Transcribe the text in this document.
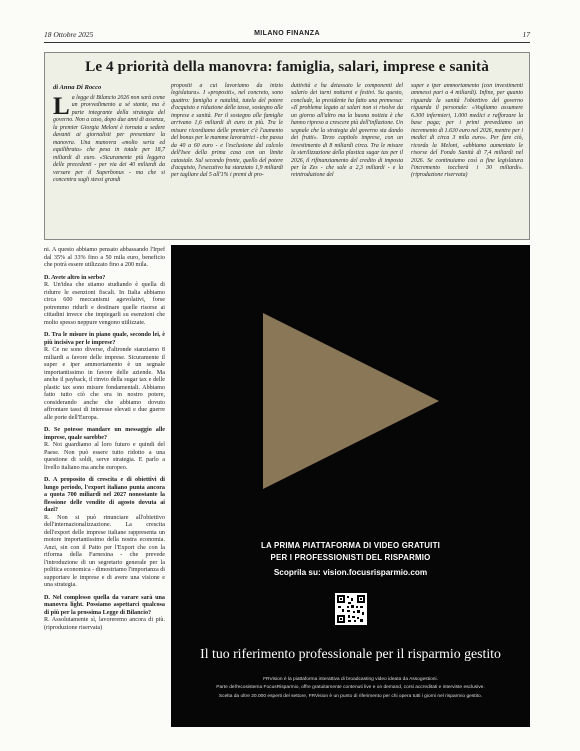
18 Ottobre 2025	MILANO FINANZA	17
Le 4 priorità della manovra: famiglia, salari, imprese e sanità
di Anna Di Rocco
La legge di Bilancio 2026 non sarà come un provvedimento a sé stante, ma è parte integrante della strategia del governo. Non a caso, dopo due anni di assenza, la premier Giorgia Meloni è tornata a sedere davanti ai giornalisti per presentare la manovra. Una manovra «molto seria ed equilibrata» che pesa in totale per 18,7 miliardi di euro. «Sicuramente più leggera delle precedenti - per via dei 40 miliardi da versare per il Superbonus - ma che si concentra sugli stessi grandi
propositi a cui lavoriamo da inizio legislatura». I «propositi», nel concreto, sono quattro: famiglia e natalità, tutela del potere d'acquisto e riduzione delle tasse, sostegno alle imprese e sanità. Per il sostegno alle famiglie arrivano 1,6 miliardi di euro in più. Tra le misure ricordiamo delle premier c'è l'aumento del bonus per le mamme lavoratrici - che passa da 40 a 60 euro - e l'esclusione dal calcolo dell'Isee della prima casa con un limite catastale. Sul secondo fronte, quello del potere d'acquisto, l'esecutivo ha stanziato 1,9 miliardi per tagliare dal 5 all'1% i premi di pro-
duttività e ha detassato le componenti del salario dei turni notturni e festivi. Su questo, conclude, la presidente ha fatto una premessa: «Il problema legato ai salari non si risolve da un giorno all'altro ma la buona notizia è che hanno ripreso a crescere più dell'inflazione. Un segnale che la strategia del governo sta dando dei frutti». Terzo capitolo imprese, con un investimento di 8 miliardi circa. Tra le misure la sterilizzazione della plastica sugar tax per il 2026, il rifinanziamento del credito di imposta per la Zes - che sale a 2,3 miliardi - e la reintroduzione del
super e iper ammortamento (con investimenti ammessi pari a 4 miliardi). Infine, per quanto riguarda la sanità l'obiettivo del governo riguarda il personale: «Vogliamo assumere 6.300 infermieri, 1.000 medici e rafforzare la base paga; per i primi prevediamo un incremento di 1.630 euro nel 2026, mentre per i medici di circa 3 mila euro». Per fare ciò, ricorda la Meloni, «abbiamo aumentato le risorse del Fondo Sanità di 7,4 miliardi nel 2026. Se continuiamo così a fine legislatura l'incremento toccherà i 30 miliardi». (riproduzione riservata)

ni. A questo abbiamo pensato abbassando l'Irpef dal 35% al 33% fino a 50 mila euro, beneficio che potrà essere utilizzato fino a 200 mila.

D. Avete altro in serbo?

R. Un'idea che stiamo studiando è quella di ridurre le esenzioni fiscali. In Italia abbiamo circa 600 meccanismi agevolativi, forse potremmo ridurli e destinare quelle risorse ai cittadini invece che impiegarli su esenzioni che molto spesso neppure vengono utilizzate.

D. Tra le misure in piano quale, secondo lei, è più incisiva per le imprese?

R. Ce ne sono diverse, d'altronde stanziamo 8 miliardi a favore delle imprese. Sicuramente il super e iper ammortamento è un segnale importantissimo in favore delle aziende. Ma anche il payback, il rinvio della sugar tax e delle plastic tax sono misure fondamentali. Abbiamo fatto tutto ciò che era in nostro potere, considerando anche che abbiamo dovuto affrontare tassi di interesse elevati e due guerre alle porte dell'Europa.

D. Se potesse mandare un messaggio alle imprese, quale sarebbe?

R. Noi guardiamo al loro futuro e quindi del Paese. Non può essere tutto ridotto a una questione di soldi, serve strategia. E parlo a livello italiano ma anche europeo.

D. A proposito di crescita e di obiettivi di lungo periodo, l'export italiano punta ancora a quota 700 miliardi nel 2027 nonostante la flessione delle vendite di agosto dovuta ai dazi?

R. Non si può rinunciare all'obiettivo dell'internazionalizzazione. La crescita dell'export delle imprese italiane rappresenta un motore importantissimo della nostra economia. Anzi, sin con il Patto per l'Export che con la riforma della Farnesina - che prevede l'introduzione di un segretario generale per la politica economica - dimostriamo l'importanza di supportare le imprese e di avere una visione e una strategia.

D. Nel complesso quella da varare sarà una manovra light. Possiamo aspettarci qualcosa di più per la prossima Legge di Bilancio?

R. Assolutamente sì, lavoreremo ancora di più. (riproduzione riservata)

LA PRIMA PIATTAFORMA DI VIDEO GRATUITI
PER I PROFESSIONISTI DEL RISPARMIO
Scoprila su: vision.focusrisparmio.com
Il tuo riferimento professionale per il risparmio gestito
FRVision è la piattaforma interattiva di broadcasting video ideata da Assogestioni.
Parte dell'ecosistema FocusRisparmio, offre gratuitamente contenuti live e on demand, corsi accreditati e interviste esclusive.
Scelta da oltre 20.000 esperti del settore, FRVision è un punto di riferimento per chi opera tutti i giorni nel risparmio gestito.
